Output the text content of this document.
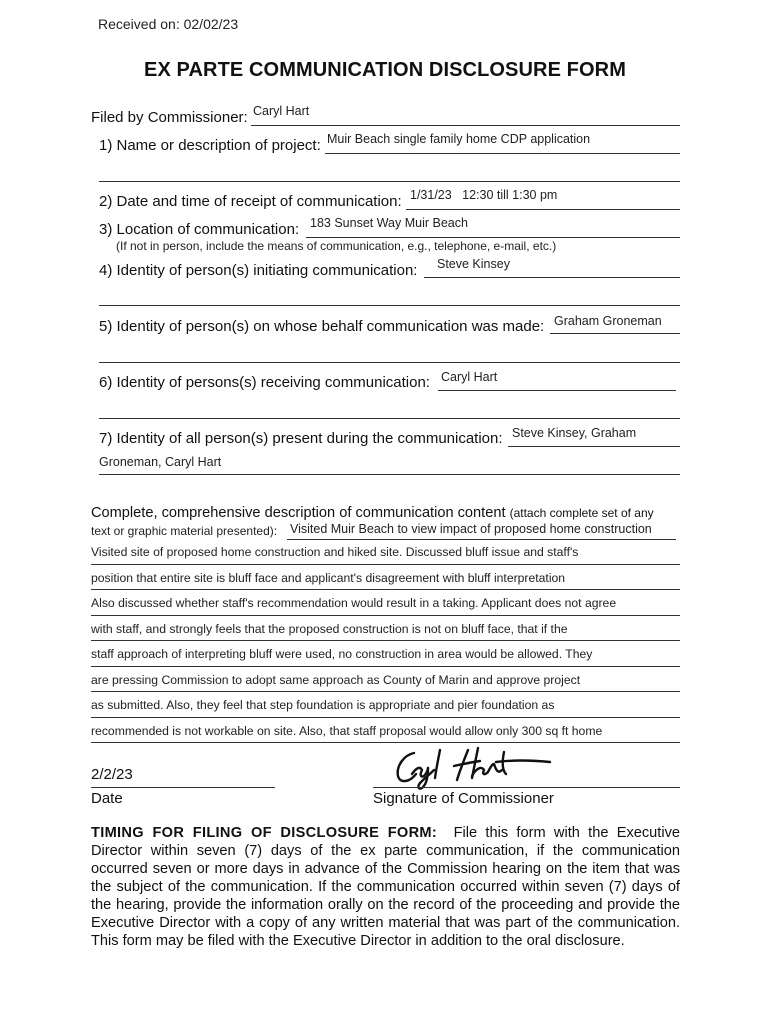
Received on: 02/02/23
EX PARTE COMMUNICATION DISCLOSURE FORM
Filed by Commissioner: Caryl Hart
1) Name or description of project: Muir Beach single family home CDP application
2) Date and time of receipt of communication: 1/31/23   12:30 till 1:30 pm
3) Location of communication: 183 Sunset Way Muir Beach
(If not in person, include the means of communication, e.g., telephone, e-mail, etc.)
4) Identity of person(s) initiating communication: Steve Kinsey
5) Identity of person(s) on whose behalf communication was made: Graham Groneman
6) Identity of persons(s) receiving communication: Caryl Hart
7) Identity of all person(s) present during the communication: Steve Kinsey, Graham
Groneman, Caryl Hart
Complete, comprehensive description of communication content (attach complete set of any
text or graphic material presented): Visited Muir Beach to view impact of proposed home construction
Visited site of proposed home construction and hiked site. Discussed bluff issue and staff's
position that entire site is bluff face and applicant's disagreement with bluff interpretation
Also discussed whether staff's recommendation would result in a taking. Applicant does not agree
with staff, and strongly feels that the proposed construction is not on bluff face, that if the
staff approach of interpreting bluff were used, no construction in area would be allowed. They
are pressing Commission to adopt same approach as County of Marin and approve project
as submitted. Also, they feel that step foundation is appropriate and pier foundation as
recommended is not workable on site. Also, that staff proposal would allow only 300 sq ft home
2/2/23
Date	Signature of Commissioner
TIMING FOR FILING OF DISCLOSURE FORM: File this form with the Executive Director within seven (7) days of the ex parte communication, if the communication occurred seven or more days in advance of the Commission hearing on the item that was the subject of the communication. If the communication occurred within seven (7) days of the hearing, provide the information orally on the record of the proceeding and provide the Executive Director with a copy of any written material that was part of the communication. This form may be filed with the Executive Director in addition to the oral disclosure.
